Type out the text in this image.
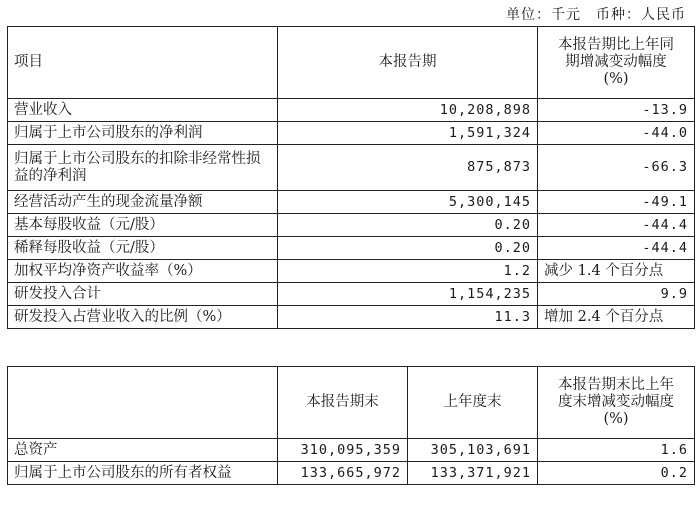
单位：千元　币种：人民币
项目	本报告期	本报告期比上年同
期增减变动幅度
(%)

营业收入	10,208,898	-13.9
归属于上市公司股东的净利润	1,591,324	-44.0
归属于上市公司股东的扣除非经常性损益的净利润	875,873	-66.3
经营活动产生的现金流量净额	5,300,145	-49.1
基本每股收益（元/股）	0.20	-44.4
稀释每股收益（元/股）	0.20	-44.4
加权平均净资产收益率（%）	1.2	减少 1.4 个百分点
研发投入合计	1,154,235	9.9
研发投入占营业收入的比例（%）	11.3	增加 2.4 个百分点
	本报告期末	上年度末	本报告期末比上年
度末增减变动幅度
(%)

总资产	310,095,359	305,103,691	1.6
归属于上市公司股东的所有者权益	133,665,972	133,371,921	0.2
